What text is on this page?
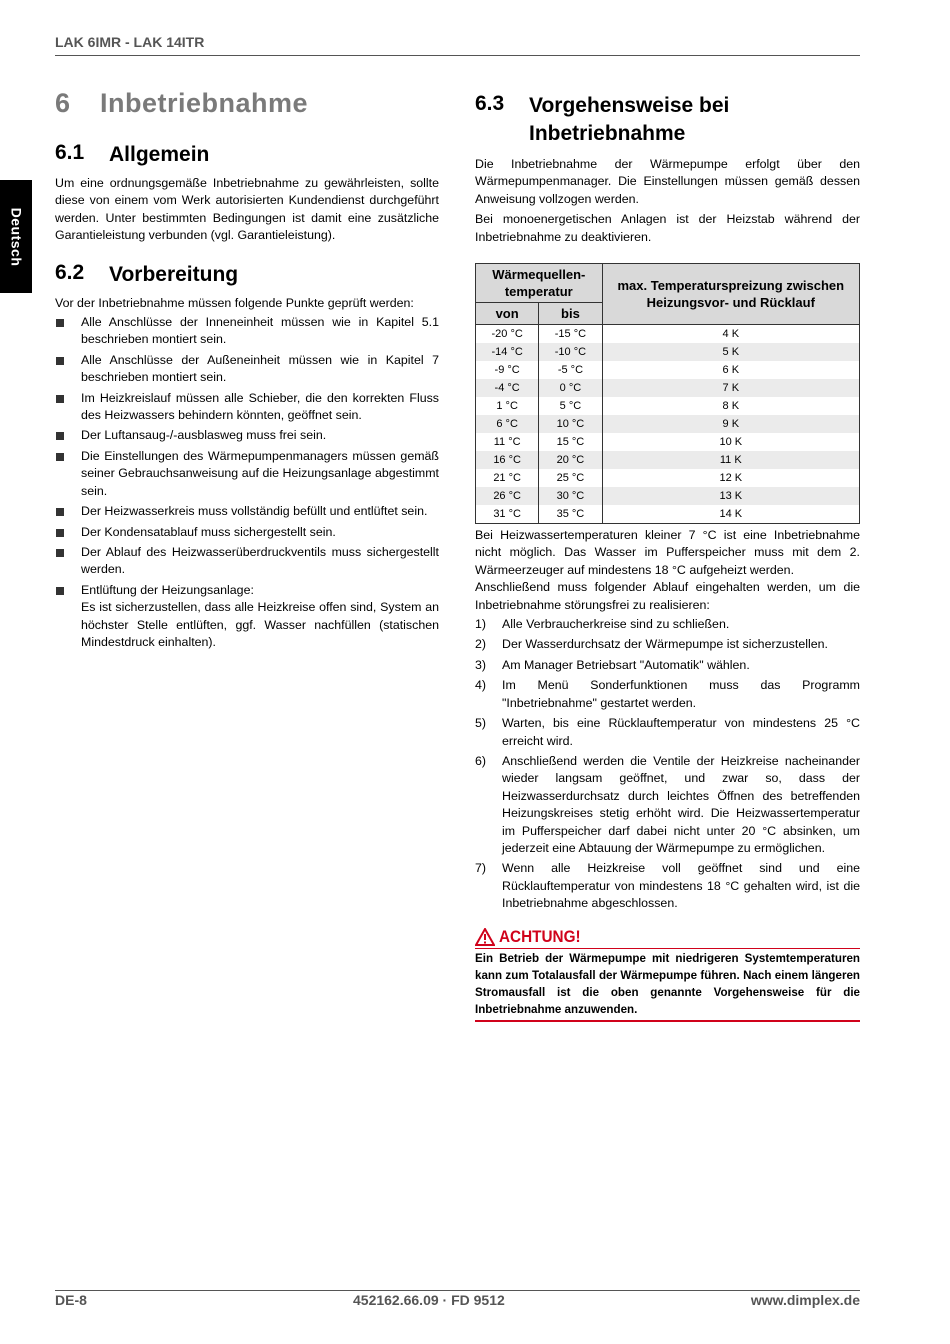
LAK 6IMR - LAK 14ITR
Deutsch
6	Inbetriebnahme
6.1	Allgemein

Um eine ordnungsgemäße Inbetriebnahme zu gewährleisten, sollte diese von einem vom Werk autorisierten Kundendienst durchgeführt werden. Unter bestimmten Bedingungen ist damit eine zusätzliche Garantieleistung verbunden (vgl. Garantieleistung).

6.2	Vorbereitung

Vor der Inbetriebnahme müssen folgende Punkte geprüft werden:

Alle Anschlüsse der Inneneinheit müssen wie in Kapitel 5.1 beschrieben montiert sein.
Alle Anschlüsse der Außeneinheit müssen wie in Kapitel 7 beschrieben montiert sein.
Im Heizkreislauf müssen alle Schieber, die den korrekten Fluss des Heizwassers behindern könnten, geöffnet sein.
Der Luftansaug-/-ausblasweg muss frei sein.
Die Einstellungen des Wärmepumpenmanagers müssen gemäß seiner Gebrauchsanweisung auf die Heizungsanlage abgestimmt sein.
Der Heizwasserkreis muss vollständig befüllt und entlüftet sein.
Der Kondensatablauf muss sichergestellt sein.
Der Ablauf des Heizwasserüberdruckventils muss sichergestellt werden.
Entlüftung der Heizungsanlage:
Es ist sicherzustellen, dass alle Heizkreise offen sind, System an höchster Stelle entlüften, ggf. Wasser nachfüllen (statischen Mindestdruck einhalten).
6.3	Vorgehensweise bei Inbetriebnahme

Die Inbetriebnahme der Wärmepumpe erfolgt über den Wärmepumpenmanager. Die Einstellungen müssen gemäß dessen Anweisung vollzogen werden.

Bei monoenergetischen Anlagen ist der Heizstab während der Inbetriebnahme zu deaktivieren.

Wärmequellen-temperatur		max. Temperaturspreizung zwischen Heizungsvor- und Rücklauf
von	bis	
-20 °C	-15 °C	4 K
-14 °C	-10 °C	5 K
-9 °C	-5 °C	6 K
-4 °C	0 °C	7 K
1 °C	5 °C	8 K
6 °C	10 °C	9 K
11 °C	15 °C	10 K
16 °C	20 °C	11 K
21 °C	25 °C	12 K
26 °C	30 °C	13 K
31 °C	35 °C	14 K

Bei Heizwassertemperaturen kleiner 7 °C ist eine Inbetriebnahme nicht möglich. Das Wasser im Pufferspeicher muss mit dem 2. Wärmeerzeuger auf mindestens 18 °C aufgeheizt werden.

Anschließend muss folgender Ablauf eingehalten werden, um die Inbetriebnahme störungsfrei zu realisieren:

1)	Alle Verbraucherkreise sind zu schließen.
2)	Der Wasserdurchsatz der Wärmepumpe ist sicherzustellen.
3)	Am Manager Betriebsart "Automatik" wählen.
4)	Im Menü Sonderfunktionen muss das Programm "Inbetriebnahme" gestartet werden.
5)	Warten, bis eine Rücklauftemperatur von mindestens 25 °C erreicht wird.
6)	Anschließend werden die Ventile der Heizkreise nacheinander wieder langsam geöffnet, und zwar so, dass der Heizwasserdurchsatz durch leichtes Öffnen des betreffenden Heizungskreises stetig erhöht wird. Die Heizwassertemperatur im Pufferspeicher darf dabei nicht unter 20 °C absinken, um jederzeit eine Abtauung der Wärmepumpe zu ermöglichen.
7)	Wenn alle Heizkreise voll geöffnet sind und eine Rücklauftemperatur von mindestens 18 °C gehalten wird, ist die Inbetriebnahme abgeschlossen.
ACHTUNG!
Ein Betrieb der Wärmepumpe mit niedrigeren Systemtemperaturen kann zum Totalausfall der Wärmepumpe führen. Nach einem längeren Stromausfall ist die oben genannte Vorgehensweise für die Inbetriebnahme anzuwenden.
DE-8	452162.66.09 · FD 9512	www.dimplex.de
